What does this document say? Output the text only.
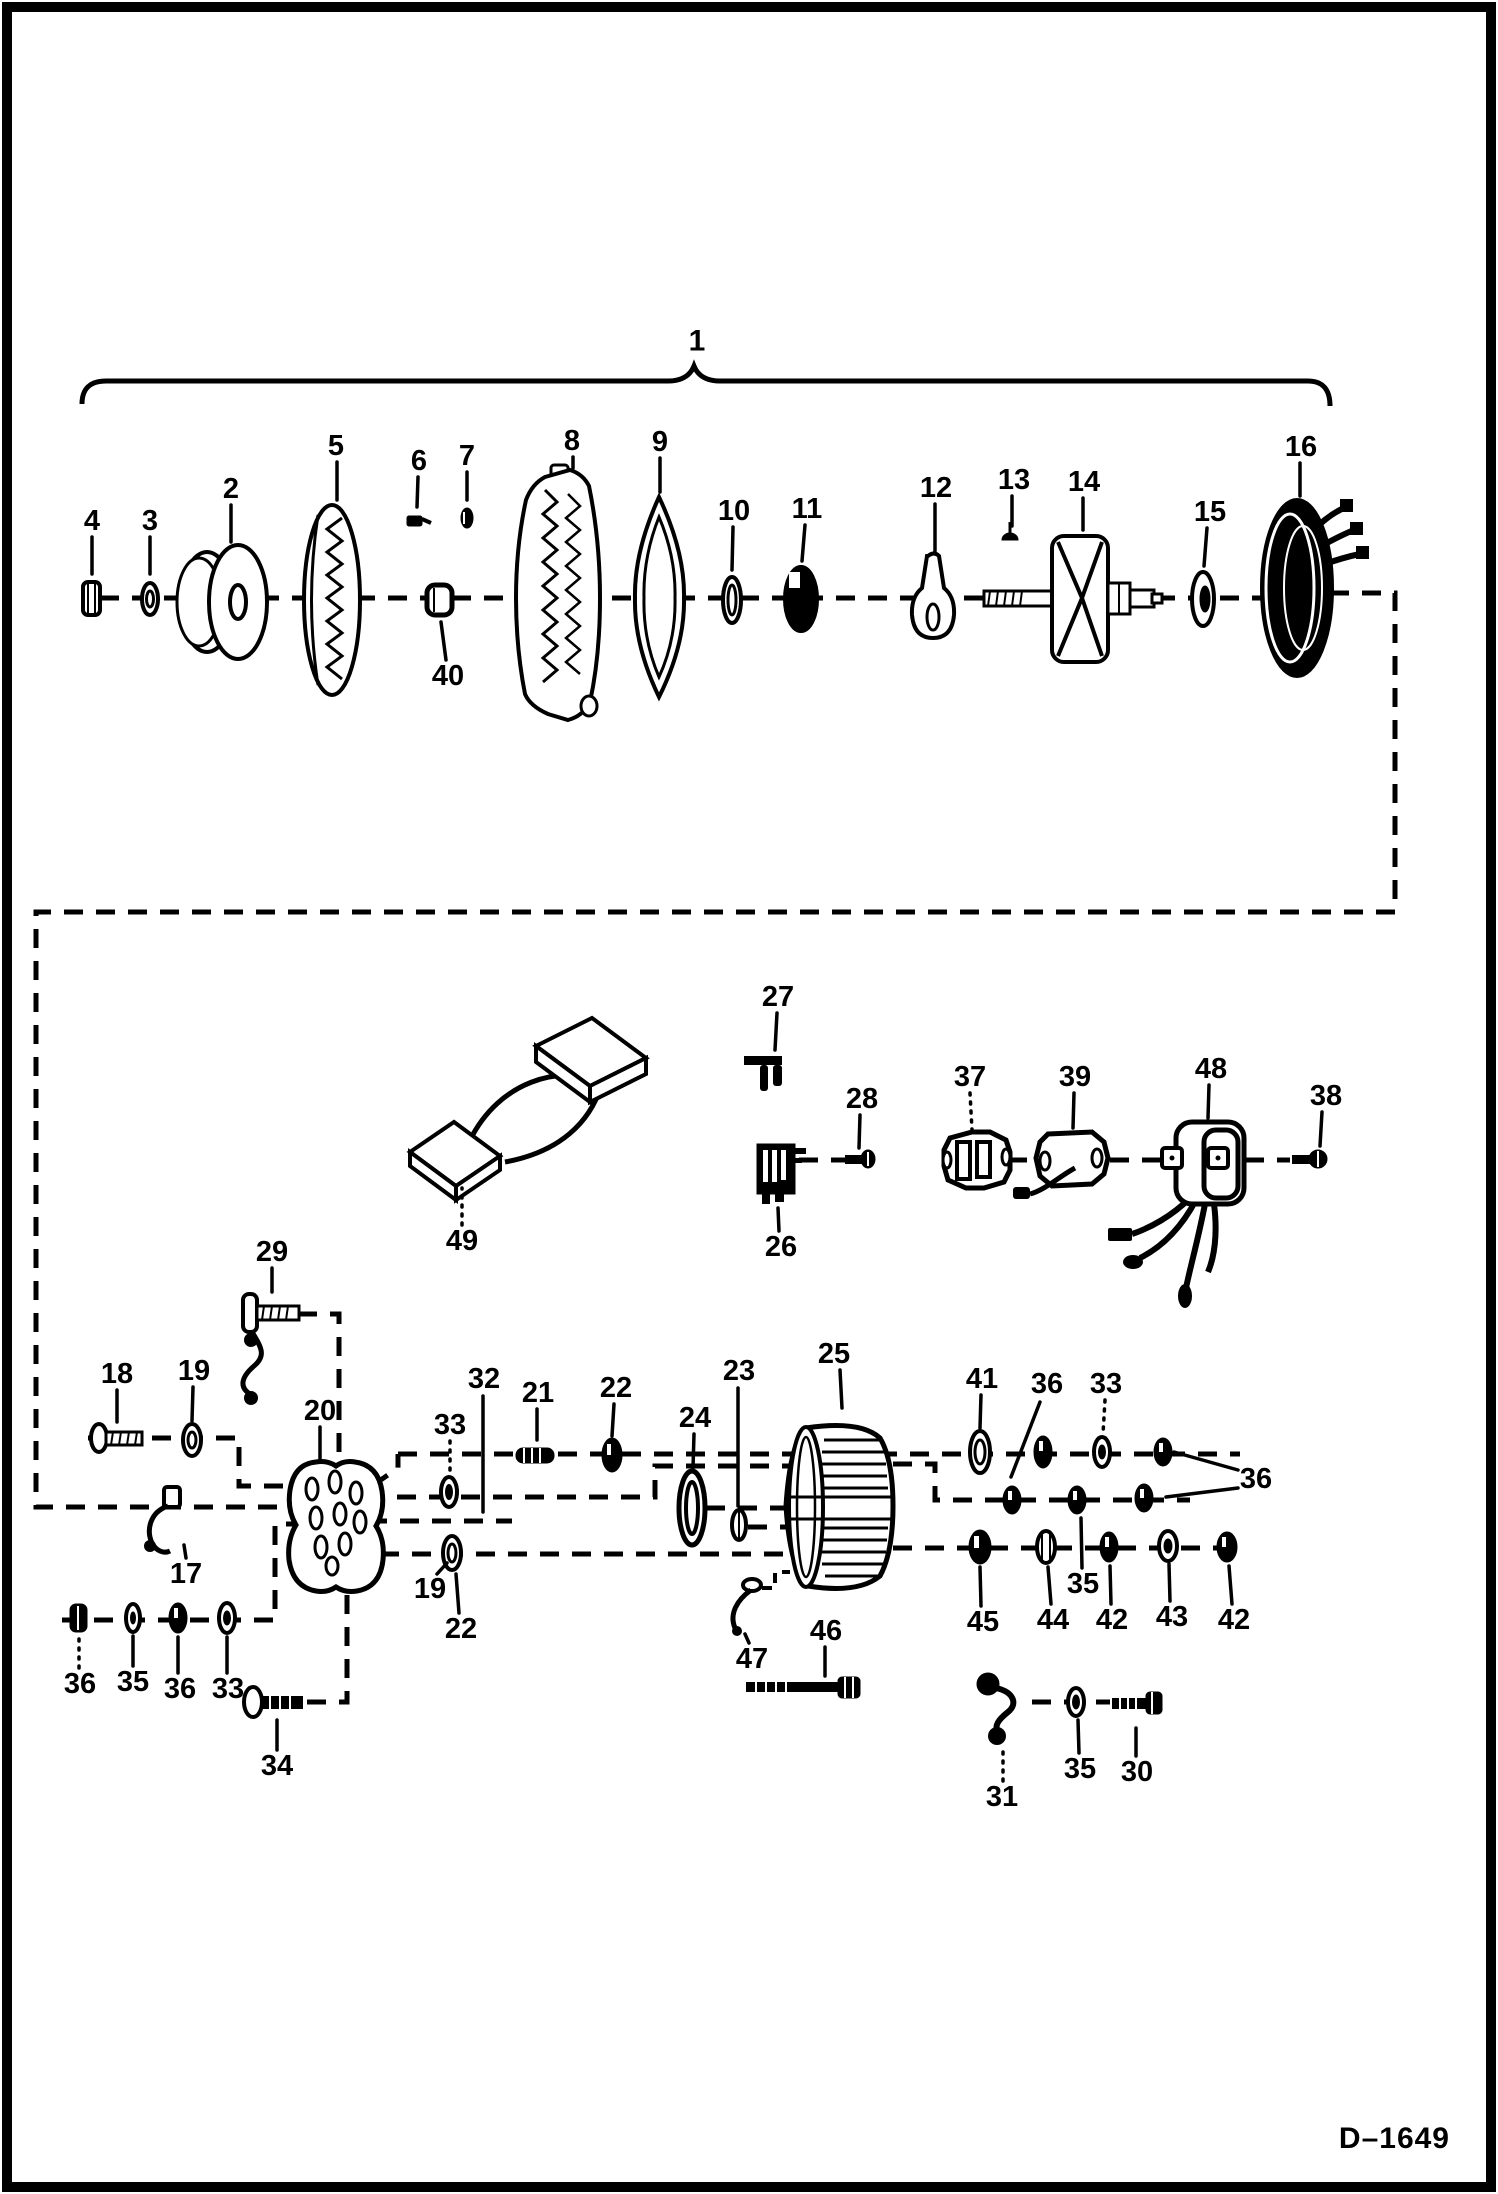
1
2
3
4
5 6 7	8 9
10 11
12 13 14
15
16
40
49
27
28
26
37	39	48
38
29
18 19
20
17
36 35 36 33
34
19
22
32
33
21 22
24
23
25
46
47
41 36 33
36
35
45 44 42 43 42
31
35 30
D–1649
